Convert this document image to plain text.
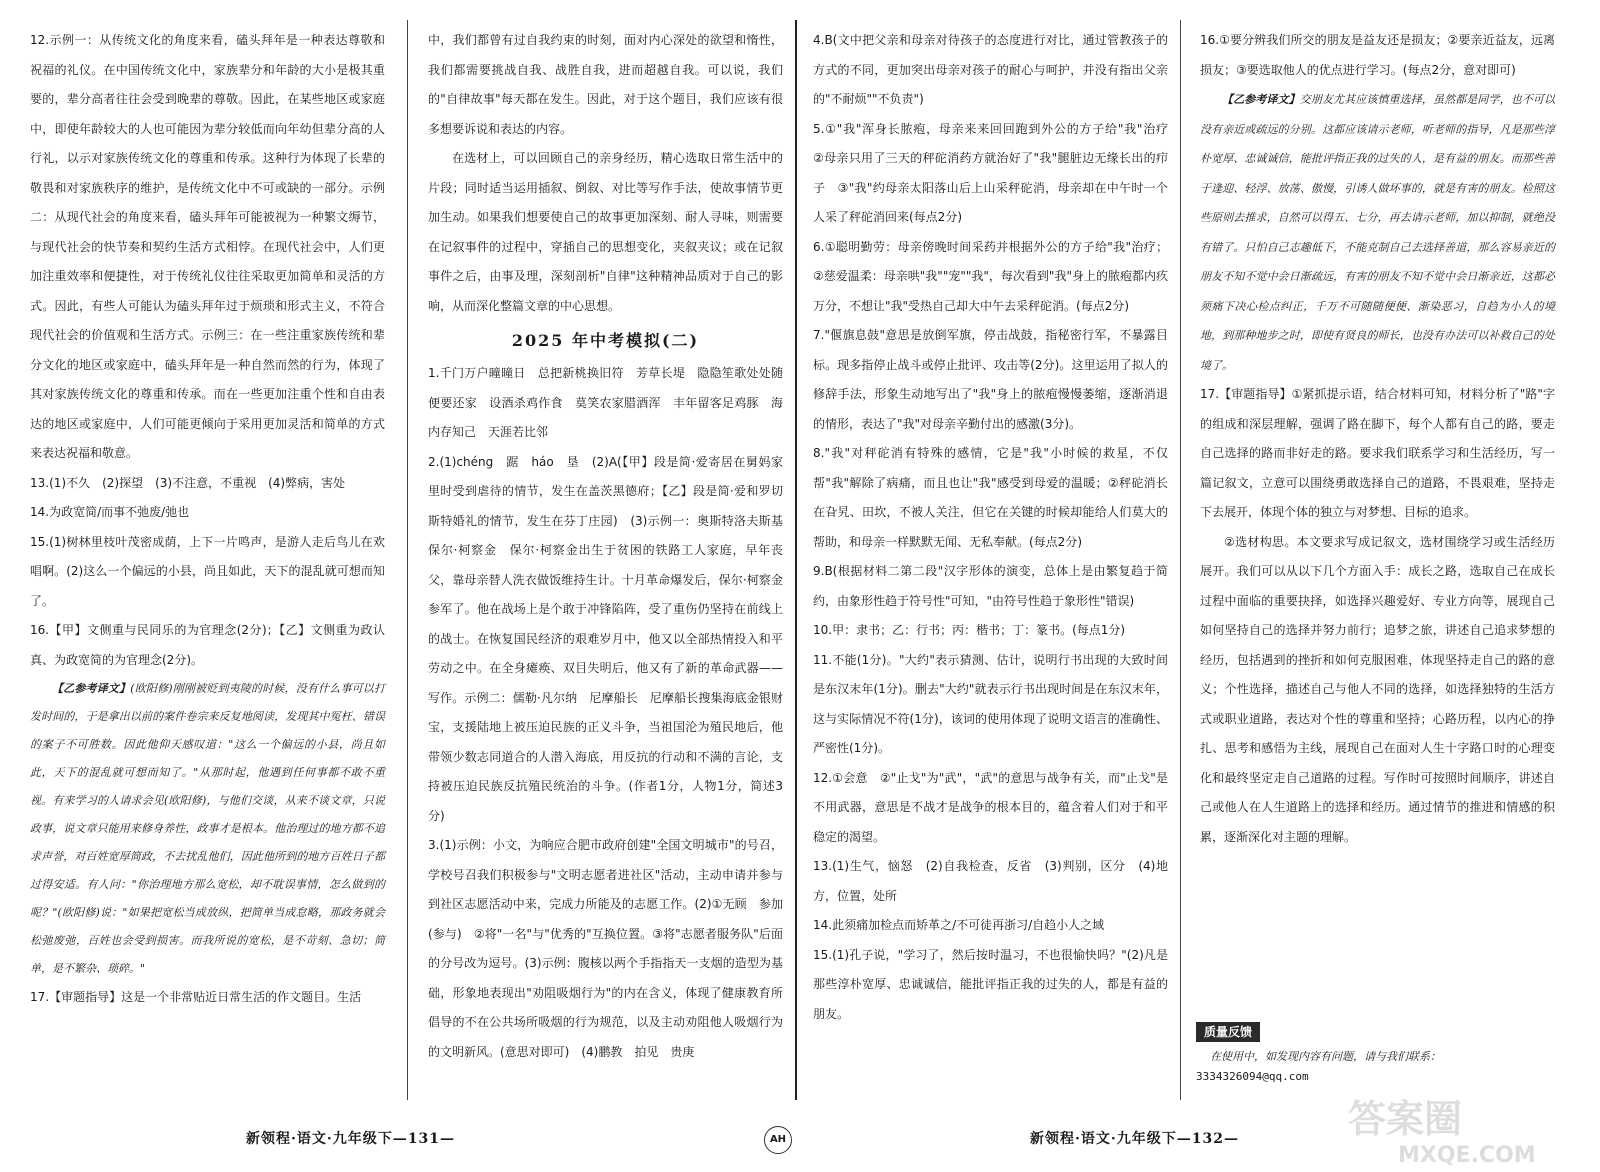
12.示例一：从传统文化的角度来看，磕头拜年是一种表达尊敬和祝福的礼仪。在中国传统文化中，家族辈分和年龄的大小是极其重要的，辈分高者往往会受到晚辈的尊敬。因此，在某些地区或家庭中，即使年龄较大的人也可能因为辈分较低而向年幼但辈分高的人行礼，以示对家族传统文化的尊重和传承。这种行为体现了长辈的敬畏和对家族秩序的维护，是传统文化中不可或缺的一部分。示例二：从现代社会的角度来看，磕头拜年可能被视为一种繁文缛节，与现代社会的快节奏和契约生活方式相悖。在现代社会中，人们更加注重效率和便捷性，对于传统礼仪往往采取更加简单和灵活的方式。因此，有些人可能认为磕头拜年过于烦琐和形式主义，不符合现代社会的价值观和生活方式。示例三：在一些注重家族传统和辈分文化的地区或家庭中，磕头拜年是一种自然而然的行为，体现了其对家族传统文化的尊重和传承。而在一些更加注重个性和自由表达的地区或家庭中，人们可能更倾向于采用更加灵活和简单的方式来表达祝福和敬意。

13.(1)不久　(2)探望　(3)不注意，不重视　(4)弊病，害处

14.为政宽简/而事不弛废/弛也

15.(1)树林里枝叶茂密成荫，上下一片鸣声，是游人走后鸟儿在欢唱啊。(2)这么一个偏远的小县，尚且如此，天下的混乱就可想而知了。

16.【甲】文侧重与民同乐的为官理念(2分)；【乙】文侧重为政认真、为政宽简的为官理念(2分)。

【乙参考译文】(欧阳修)刚刚被贬到夷陵的时候，没有什么事可以打发时间的，于是拿出以前的案件卷宗来反复地阅读，发现其中冤枉、错误的案子不可胜数。因此他仰天感叹道："这么一个偏远的小县，尚且如此，天下的混乱就可想而知了。"从那时起，他遇到任何事都不敢不重视。有来学习的人请求会见(欧阳修)，与他们交谈，从来不谈文章，只说政事，说文章只能用来修身养性，政事才是根本。他治理过的地方都不追求声誉，对百姓宽厚简政，不去扰乱他们，因此他所到的地方百姓日子都过得安适。有人问："你治理地方那么宽松，却不耽误事情，怎么做到的呢？"(欧阳修)说："如果把宽松当成放纵，把简单当成怠略，那政务就会松弛废弛，百姓也会受到损害。而我所说的宽松，是不苛刻、急切；简单，是不繁杂、琐碎。"

17.【审题指导】这是一个非常贴近日常生活的作文题目。生活

中，我们都曾有过自我约束的时刻，面对内心深处的欲望和惰性，我们都需要挑战自我、战胜自我，进而超越自我。可以说，我们的"自律故事"每天都在发生。因此，对于这个题目，我们应该有很多想要诉说和表达的内容。

在选材上，可以回顾自己的亲身经历，精心选取日常生活中的片段；同时适当运用插叙、倒叙、对比等写作手法，使故事情节更加生动。如果我们想要使自己的故事更加深刻、耐人寻味，则需要在记叙事件的过程中，穿插自己的思想变化，夹叙夹议；或在记叙事件之后，由事及理，深刻剖析"自律"这种精神品质对于自己的影响，从而深化整篇文章的中心思想。

2025 年中考模拟(二)

1.千门万户曈曈日　总把新桃换旧符　芳草长堤　隐隐笙歌处处随　便要还家　设酒杀鸡作食　莫笑农家腊酒浑　丰年留客足鸡豚　海内存知己　天涯若比邻

2.(1)chéng　踞　háo　垦　(2)A(【甲】段是简·爱寄居在舅妈家里时受到虐待的情节，发生在盖茨黑德府；【乙】段是简·爱和罗切斯特婚礼的情节，发生在芬丁庄园)　(3)示例一：奥斯特洛夫斯基　保尔·柯察金　保尔·柯察金出生于贫困的铁路工人家庭，早年丧父，靠母亲替人洗衣做饭维持生计。十月革命爆发后，保尔·柯察金参军了。他在战场上是个敢于冲锋陷阵，受了重伤仍坚持在前线上的战士。在恢复国民经济的艰难岁月中，他又以全部热情投入和平劳动之中。在全身瘫痪、双目失明后，他又有了新的革命武器——写作。示例二：儒勒·凡尔纳　尼摩船长　尼摩船长搜集海底金银财宝，支援陆地上被压迫民族的正义斗争，当祖国沦为殖民地后，他带领少数志同道合的人潜入海底，用反抗的行动和不满的言论，支持被压迫民族反抗殖民统治的斗争。(作者1分，人物1分，简述3分)

3.(1)示例：小文，为响应合肥市政府创建"全国文明城市"的号召，学校号召我们积极参与"文明志愿者进社区"活动，主动申请并参与到社区志愿活动中来，完成力所能及的志愿工作。(2)①无顾　参加(参与)　②将"一名"与"优秀的"互换位置。③将"志愿者服务队"后面的分号改为逗号。(3)示例：腹核以两个手指指天一支烟的造型为基础，形象地表现出"劝阻吸烟行为"的内在含义，体现了健康教育所倡导的不在公共场所吸烟的行为规范，以及主动劝阻他人吸烟行为的文明新风。(意思对即可)　(4)鹏教　拍见　贵庚

4.B(文中把父亲和母亲对待孩子的态度进行对比，通过管教孩子的方式的不同，更加突出母亲对孩子的耐心与呵护，并没有指出父亲的"不耐烦""不负责")

5.①"我"浑身长脓疱，母亲来来回回跑到外公的方子给"我"治疗　②母亲只用了三天的秤砣消药方就治好了"我"腿脏边无缘长出的疖子　③"我"约母亲太阳落山后上山采秤砣消，母亲却在中午时一个人采了秤砣消回来(每点2分)

6.①聪明勤劳：母亲傍晚时间采药并根据外公的方子给"我"治疗；②慈爱温柔：母亲哄"我""宠""我"，每次看到"我"身上的脓疱都内疚万分，不想让"我"受热自己却大中午去采秤砣消。(每点2分)

7."偃旗息鼓"意思是放倒军旗，停击战鼓，指秘密行军，不暴露目标。现多指停止战斗或停止批评、攻击等(2分)。这里运用了拟人的修辞手法，形象生动地写出了"我"身上的脓疱慢慢萎缩，逐渐消退的情形，表达了"我"对母亲辛勤付出的感激(3分)。

8."我"对秤砣消有特殊的感情，它是"我"小时候的救星，不仅帮"我"解除了病痛，而且也让"我"感受到母爱的温暖；②秤砣消长在旮旯、田坎，不被人关注，但它在关键的时候却能给人们莫大的帮助，和母亲一样默默无闻、无私奉献。(每点2分)

9.B(根据材料二第二段"汉字形体的演变，总体上是由繁复趋于简约，由象形性趋于符号性"可知，"由符号性趋于象形性"错误)

10.甲：隶书；乙：行书；丙：楷书；丁：篆书。(每点1分)

11.不能(1分)。"大约"表示猜测、估计，说明行书出现的大致时间是东汉末年(1分)。删去"大约"就表示行书出现时间是在东汉末年，这与实际情况不符(1分)，该词的使用体现了说明文语言的准确性、严密性(1分)。

12.①会意　②"止戈"为"武"，"武"的意思与战争有关，而"止戈"是不用武器，意思是不战才是战争的根本目的，蕴含着人们对于和平稳定的渴望。

13.(1)生气，恼怒　(2)自我检查，反省　(3)判别，区分　(4)地方，位置，处所

14.此须痛加检点而矫革之/不可徒再浙习/自趋小人之域

15.(1)孔子说，"学习了，然后按时温习，不也很愉快吗？"(2)凡是那些淳朴宽厚、忠诚诚信，能批评指正我的过失的人，都是有益的朋友。

16.①要分辨我们所交的朋友是益友还是损友；②要亲近益友，远离损友；③要选取他人的优点进行学习。(每点2分，意对即可)

【乙参考译文】交朋友尤其应该慎重选择，虽然都是同学，也不可以没有亲近或疏远的分别。这都应该请示老师，听老师的指导，凡是那些淳朴宽厚、忠诚诚信，能批评指正我的过失的人，是有益的朋友。而那些善于逢迎、轻浮、放荡、傲慢，引诱人做坏事的，就是有害的朋友。检照这些原则去推求，自然可以得五、七分，再去请示老师，加以抑制，就绝没有错了。只怕自己志趣低下，不能克制自己去选择善道，那么容易亲近的朋友不知不觉中会日渐疏远，有害的朋友不知不觉中会日渐亲近，这都必须痛下决心检点纠正，千万不可随随便便、渐染恶习，自趋为小人的境地，到那种地步之时，即使有贤良的师长，也没有办法可以补救自己的处境了。

17.【审题指导】①紧抓提示语，结合材料可知，材料分析了"路"字的组成和深层理解，强调了路在脚下，每个人都有自己的路，要走自己选择的路而非好走的路。要求我们联系学习和生活经历，写一篇记叙文，立意可以围绕勇敢选择自己的道路，不畏艰难，坚持走下去展开，体现个体的独立与对梦想、目标的追求。

②选材构思。本文要求写成记叙文，选材围绕学习或生活经历展开。我们可以从以下几个方面入手：成长之路，选取自己在成长过程中面临的重要抉择，如选择兴趣爱好、专业方向等，展现自己如何坚持自己的选择并努力前行；追梦之旅，讲述自己追求梦想的经历，包括遇到的挫折和如何克服困难，体现坚持走自己的路的意义；个性选择，描述自己与他人不同的选择，如选择独特的生活方式或职业道路，表达对个性的尊重和坚持；心路历程，以内心的挣扎、思考和感悟为主线，展现自己在面对人生十字路口时的心理变化和最终坚定走自己道路的过程。写作时可按照时间顺序，讲述自己或他人在人生道路上的选择和经历。通过情节的推进和情感的积累，逐渐深化对主题的理解。

质量反馈
在使用中，如发现内容有问题，请与我们联系：
3334326094@qq.com
新领程·语文·九年级下—131—	AH	新领程·语文·九年级下—132—	答案圈
MXQE.COM
